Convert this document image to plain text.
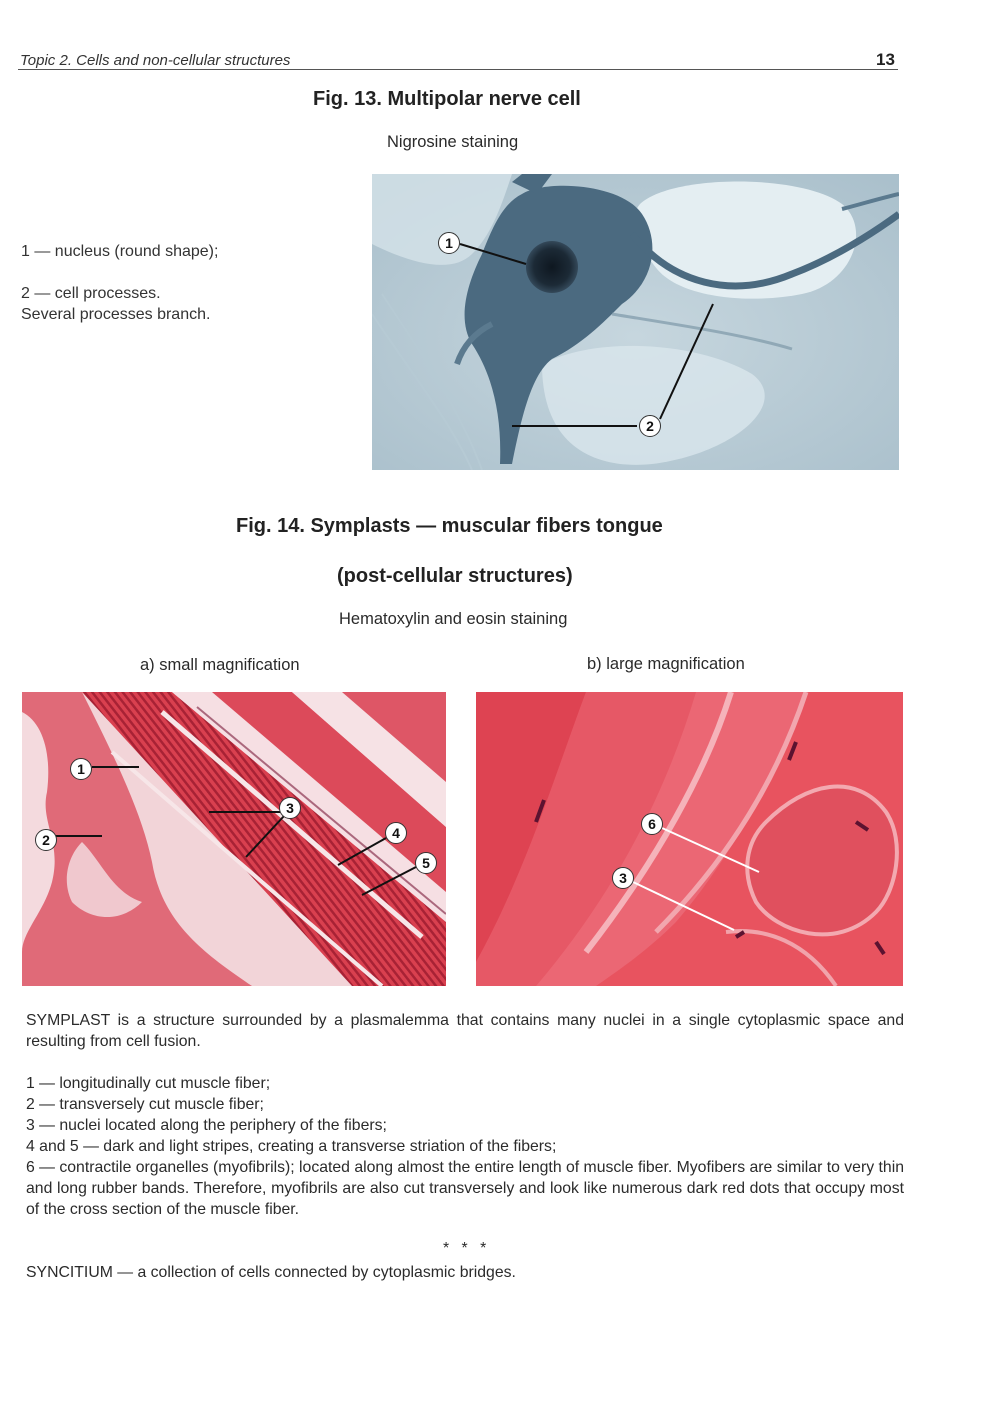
Topic 2. Cells and non-cellular structures	13
Fig. 13. Multipolar nerve cell
Nigrosine staining
1 — nucleus (round shape);
2 — cell processes.
Several processes branch.
1
2
Fig. 14. Symplasts — muscular fibers tongue
(post-cellular structures)
Hematoxylin and eosin staining
a) small magnification	b) large magnification
1
2
3
4
5
6
3
SYMPLAST is a structure surrounded by a plasmalemma that contains many nuclei in a single cytoplasmic space and resulting from cell fusion.
1 — longitudinally cut muscle fiber;
2 — transversely cut muscle fiber;
3 — nuclei located along the periphery of the fibers;
4 and 5 — dark and light stripes, creating a transverse striation of the fibers;
6 — contractile organelles (myofibrils); located along almost the entire length of muscle fiber. Myofibers are similar to very thin and long rubber bands. Therefore, myofibrils are also cut transversely and look like numerous dark red dots that occupy most of the cross section of the muscle fiber.
* * *
SYNCITIUM — a collection of cells connected by cytoplasmic bridges.
